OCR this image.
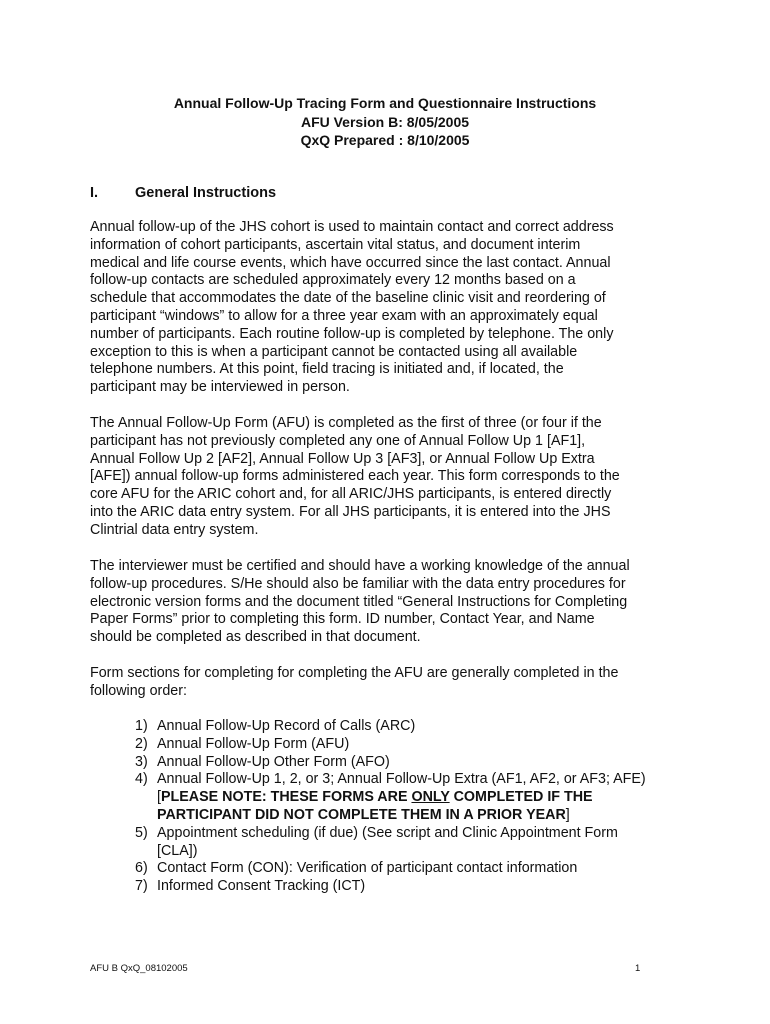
Annual Follow-Up Tracing Form and Questionnaire Instructions
AFU Version B: 8/05/2005
QxQ Prepared : 8/10/2005
I.	General Instructions

Annual follow-up of the JHS cohort is used to maintain contact and correct address
information of cohort participants, ascertain vital status, and document interim
medical and life course events, which have occurred since the last contact. Annual
follow-up contacts are scheduled approximately every 12 months based on a
schedule that accommodates the date of the baseline clinic visit and reordering of
participant “windows” to allow for a three year exam with an approximately equal
number of participants. Each routine follow-up is completed by telephone. The only
exception to this is when a participant cannot be contacted using all available
telephone numbers. At this point, field tracing is initiated and, if located, the
participant may be interviewed in person.

The Annual Follow-Up Form (AFU) is completed as the first of three (or four if the
participant has not previously completed any one of Annual Follow Up 1 [AF1],
Annual Follow Up 2 [AF2], Annual Follow Up 3 [AF3], or Annual Follow Up Extra
[AFE]) annual follow-up forms administered each year. This form corresponds to the
core AFU for the ARIC cohort and, for all ARIC/JHS participants, is entered directly
into the ARIC data entry system. For all JHS participants, it is entered into the JHS
Clintrial data entry system.

The interviewer must be certified and should have a working knowledge of the annual
follow-up procedures. S/He should also be familiar with the data entry procedures for
electronic version forms and the document titled “General Instructions for Completing
Paper Forms” prior to completing this form. ID number, Contact Year, and Name
should be completed as described in that document.

Form sections for completing for completing the AFU are generally completed in the
following order:

1) Annual Follow-Up Record of Calls (ARC)
2) Annual Follow-Up Form (AFU)
3) Annual Follow-Up Other Form (AFO)
4) Annual Follow-Up 1, 2, or 3; Annual Follow-Up Extra (AF1, AF2, or AF3; AFE)
[PLEASE NOTE: THESE FORMS ARE ONLY COMPLETED IF THE
PARTICIPANT DID NOT COMPLETE THEM IN A PRIOR YEAR]
5) Appointment scheduling (if due) (See script and Clinic Appointment Form
[CLA])
6) Contact Form (CON): Verification of participant contact information
7) Informed Consent Tracking (ICT)
AFU B QxQ_08102005	1
